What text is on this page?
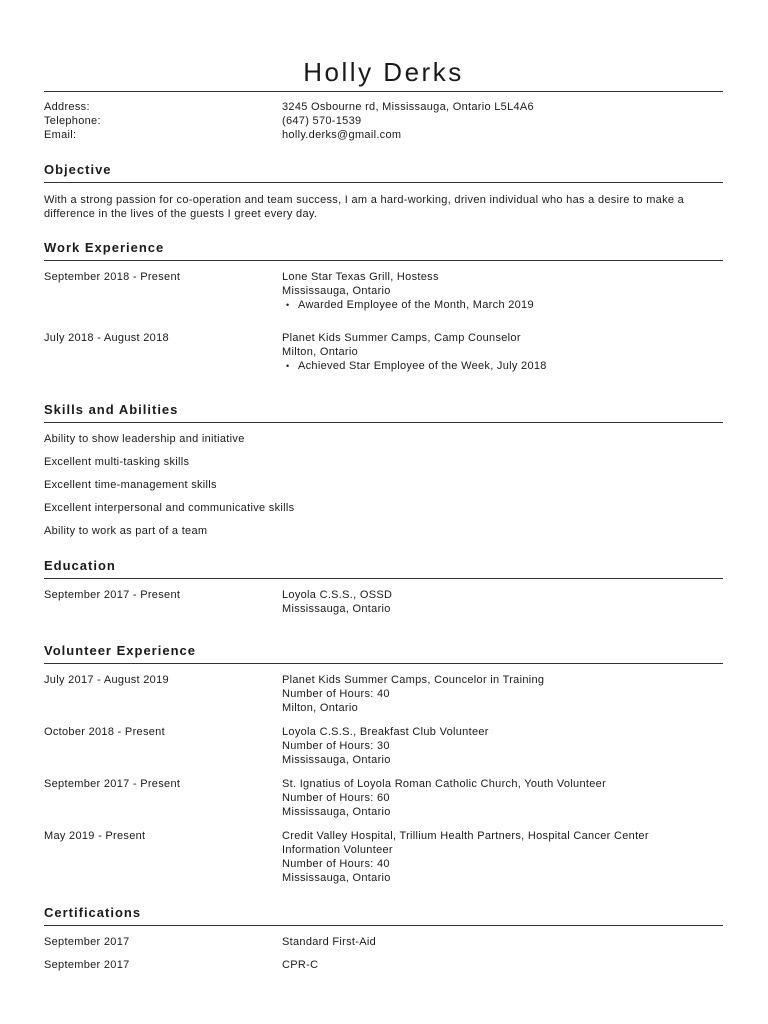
Holly Derks
Address:	3245 Osbourne rd, Mississauga, Ontario L5L4A6
Telephone:	(647) 570-1539
Email:	holly.derks@gmail.com
Objective
With a strong passion for co-operation and team success, I am a hard-working, driven individual who has a desire to make a difference in the lives of the guests I greet every day.
Work Experience
September 2018 - Present	Lone Star Texas Grill, Hostess
Mississauga, Ontario
• Awarded Employee of the Month, March 2019
July 2018 - August 2018	Planet Kids Summer Camps, Camp Counselor
Milton, Ontario
• Achieved Star Employee of the Week, July 2018
Skills and Abilities
Ability to show leadership and initiative
Excellent multi-tasking skills
Excellent time-management skills
Excellent interpersonal and communicative skills
Ability to work as part of a team
Education
September 2017 - Present	Loyola C.S.S., OSSD
Mississauga, Ontario
Volunteer Experience
July 2017 - August 2019	Planet Kids Summer Camps, Councelor in Training
Number of Hours: 40
Milton, Ontario
October 2018 - Present	Loyola C.S.S., Breakfast Club Volunteer
Number of Hours: 30
Mississauga, Ontario
September 2017 - Present	St. Ignatius of Loyola Roman Catholic Church, Youth Volunteer
Number of Hours: 60
Mississauga, Ontario
May 2019 - Present	Credit Valley Hospital, Trillium Health Partners, Hospital Cancer Center
Information Volunteer
Number of Hours: 40
Mississauga, Ontario
Certifications
September 2017	Standard First-Aid
September 2017	CPR-C
